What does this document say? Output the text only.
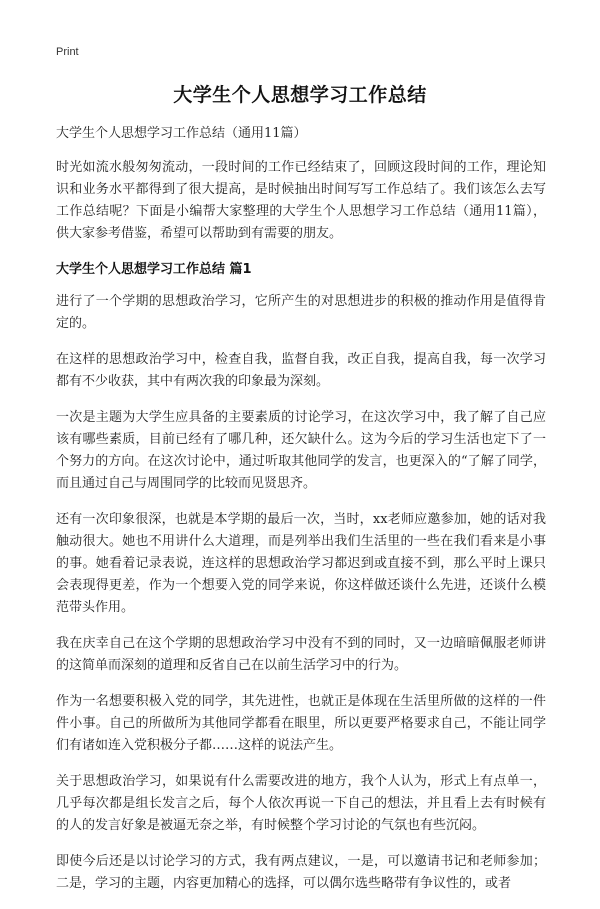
Print
大学生个人思想学习工作总结

大学生个人思想学习工作总结（通用11篇）

时光如流水般匆匆流动，一段时间的工作已经结束了，回顾这段时间的工作，理论知识和业务水平都得到了很大提高，是时候抽出时间写写工作总结了。我们该怎么去写工作总结呢？下面是小编帮大家整理的大学生个人思想学习工作总结（通用11篇），供大家参考借鉴，希望可以帮助到有需要的朋友。

大学生个人思想学习工作总结 篇1

进行了一个学期的思想政治学习，它所产生的对思想进步的积极的推动作用是值得肯定的。

在这样的思想政治学习中，检查自我，监督自我，改正自我，提高自我，每一次学习都有不少收获，其中有两次我的印象最为深刻。

一次是主题为大学生应具备的主要素质的讨论学习，在这次学习中，我了解了自己应该有哪些素质，目前已经有了哪几种，还欠缺什么。这为今后的学习生活也定下了一个努力的方向。在这次讨论中，通过听取其他同学的发言，也更深入的“了解了同学，而且通过自己与周围同学的比较而见贤思齐。

还有一次印象很深，也就是本学期的最后一次，当时，xx老师应邀参加，她的话对我触动很大。她也不用讲什么大道理，而是列举出我们生活里的一些在我们看来是小事的事。她看着记录表说，连这样的思想政治学习都迟到或直接不到，那么平时上课只会表现得更差，作为一个想要入党的同学来说，你这样做还谈什么先进，还谈什么模范带头作用。

我在庆幸自己在这个学期的思想政治学习中没有不到的同时，又一边暗暗佩服老师讲的这简单而深刻的道理和反省自己在以前生活学习中的行为。

作为一名想要积极入党的同学，其先进性，也就正是体现在生活里所做的这样的一件件小事。自己的所做所为其他同学都看在眼里，所以更要严格要求自己，不能让同学们有诸如连入党积极分子都……这样的说法产生。

关于思想政治学习，如果说有什么需要改进的地方，我个人认为，形式上有点单一，几乎每次都是组长发言之后，每个人依次再说一下自己的想法，并且看上去有时候有的人的发言好象是被逼无奈之举，有时候整个学习讨论的气氛也有些沉闷。

即使今后还是以讨论学习的方式，我有两点建议，一是，可以邀请书记和老师参加；二是，学习的主题，内容更加精心的选择，可以偶尔选些略带有争议性的，或者
